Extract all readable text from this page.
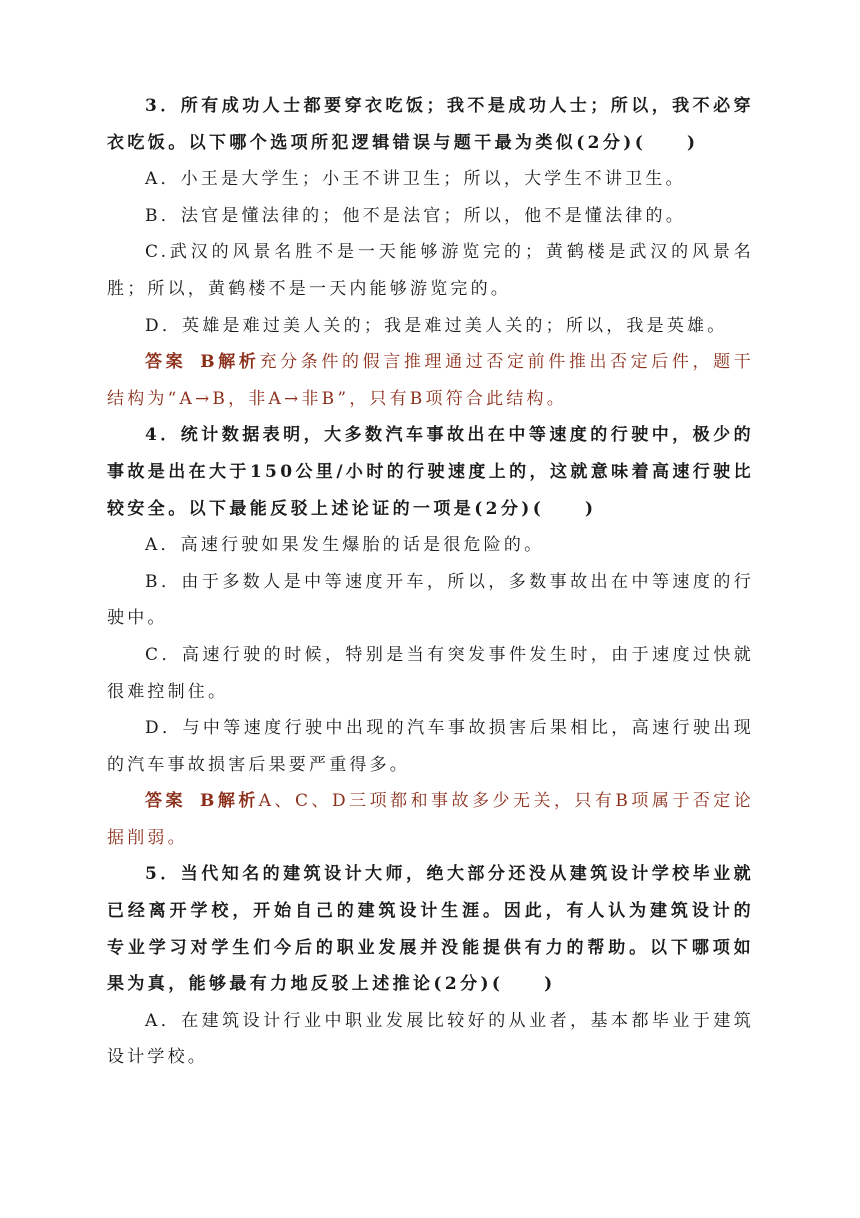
3．所有成功人士都要穿衣吃饭；我不是成功人士；所以，我不必穿衣吃饭。以下哪个选项所犯逻辑错误与题干最为类似(2分)(　　)

A．小王是大学生；小王不讲卫生；所以，大学生不讲卫生。

B．法官是懂法律的；他不是法官；所以，他不是懂法律的。

C.武汉的风景名胜不是一天能够游览完的；黄鹤楼是武汉的风景名胜；所以，黄鹤楼不是一天内能够游览完的。

D．英雄是难过美人关的；我是难过美人关的；所以，我是英雄。

答案 B解析充分条件的假言推理通过否定前件推出否定后件，题干结构为“A→B，非A→非B”，只有B项符合此结构。

4．统计数据表明，大多数汽车事故出在中等速度的行驶中，极少的事故是出在大于150公里/小时的行驶速度上的，这就意味着高速行驶比较安全。以下最能反驳上述论证的一项是(2分)(　　)

A．高速行驶如果发生爆胎的话是很危险的。

B．由于多数人是中等速度开车，所以，多数事故出在中等速度的行驶中。

C．高速行驶的时候，特别是当有突发事件发生时，由于速度过快就很难控制住。

D．与中等速度行驶中出现的汽车事故损害后果相比，高速行驶出现的汽车事故损害后果要严重得多。

答案 B解析A、C、D三项都和事故多少无关，只有B项属于否定论据削弱。

5．当代知名的建筑设计大师，绝大部分还没从建筑设计学校毕业就已经离开学校，开始自己的建筑设计生涯。因此，有人认为建筑设计的专业学习对学生们今后的职业发展并没能提供有力的帮助。以下哪项如果为真，能够最有力地反驳上述推论(2分)(　　)

A．在建筑设计行业中职业发展比较好的从业者，基本都毕业于建筑设计学校。
